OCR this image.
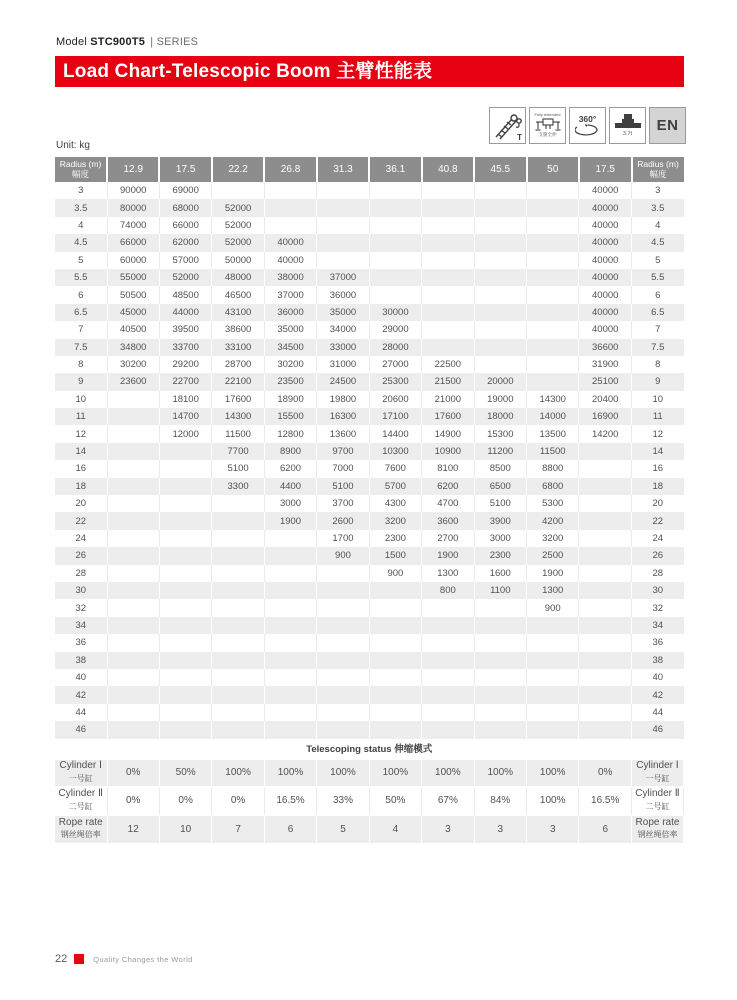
Model STC900T5 | SERIES
Load Chart-Telescopic Boom 主臂性能表
T
Fully extended
支腿全伸
360°
3.7t
EN
Unit: kg
Radius (m)
幅度	12.9	17.5	22.2	26.8	31.3	36.1	40.8	45.5	50	17.5	Radius (m)
幅度
3	90000	69000								40000	3
3.5	80000	68000	52000							40000	3.5
4	74000	66000	52000							40000	4
4.5	66000	62000	52000	40000						40000	4.5
5	60000	57000	50000	40000						40000	5
5.5	55000	52000	48000	38000	37000					40000	5.5
6	50500	48500	46500	37000	36000					40000	6
6.5	45000	44000	43100	36000	35000	30000				40000	6.5
7	40500	39500	38600	35000	34000	29000				40000	7
7.5	34800	33700	33100	34500	33000	28000				36600	7.5
8	30200	29200	28700	30200	31000	27000	22500			31900	8
9	23600	22700	22100	23500	24500	25300	21500	20000		25100	9
10		18100	17600	18900	19800	20600	21000	19000	14300	20400	10
11		14700	14300	15500	16300	17100	17600	18000	14000	16900	11
12		12000	11500	12800	13600	14400	14900	15300	13500	14200	12
14			7700	8900	9700	10300	10900	11200	11500		14
16			5100	6200	7000	7600	8100	8500	8800		16
18			3300	4400	5100	5700	6200	6500	6800		18
20				3000	3700	4300	4700	5100	5300		20
22				1900	2600	3200	3600	3900	4200		22
24					1700	2300	2700	3000	3200		24
26					900	1500	1900	2300	2500		26
28						900	1300	1600	1900		28
30							800	1100	1300		30
32									900		32
34											34
36											36
38											38
40											40
42											42
44											44
46											46
Telescoping status 伸缩模式											
Cylinder Ⅰ
一号缸	0%	50%	100%	100%	100%	100%	100%	100%	100%	0%	Cylinder Ⅰ
一号缸
Cylinder Ⅱ
二号缸	0%	0%	0%	16.5%	33%	50%	67%	84%	100%	16.5%	Cylinder Ⅱ
二号缸
Rope rate
钢丝绳倍率	12	10	7	6	5	4	3	3	3	6	Rope rate
钢丝绳倍率
22	Quality Changes the World
